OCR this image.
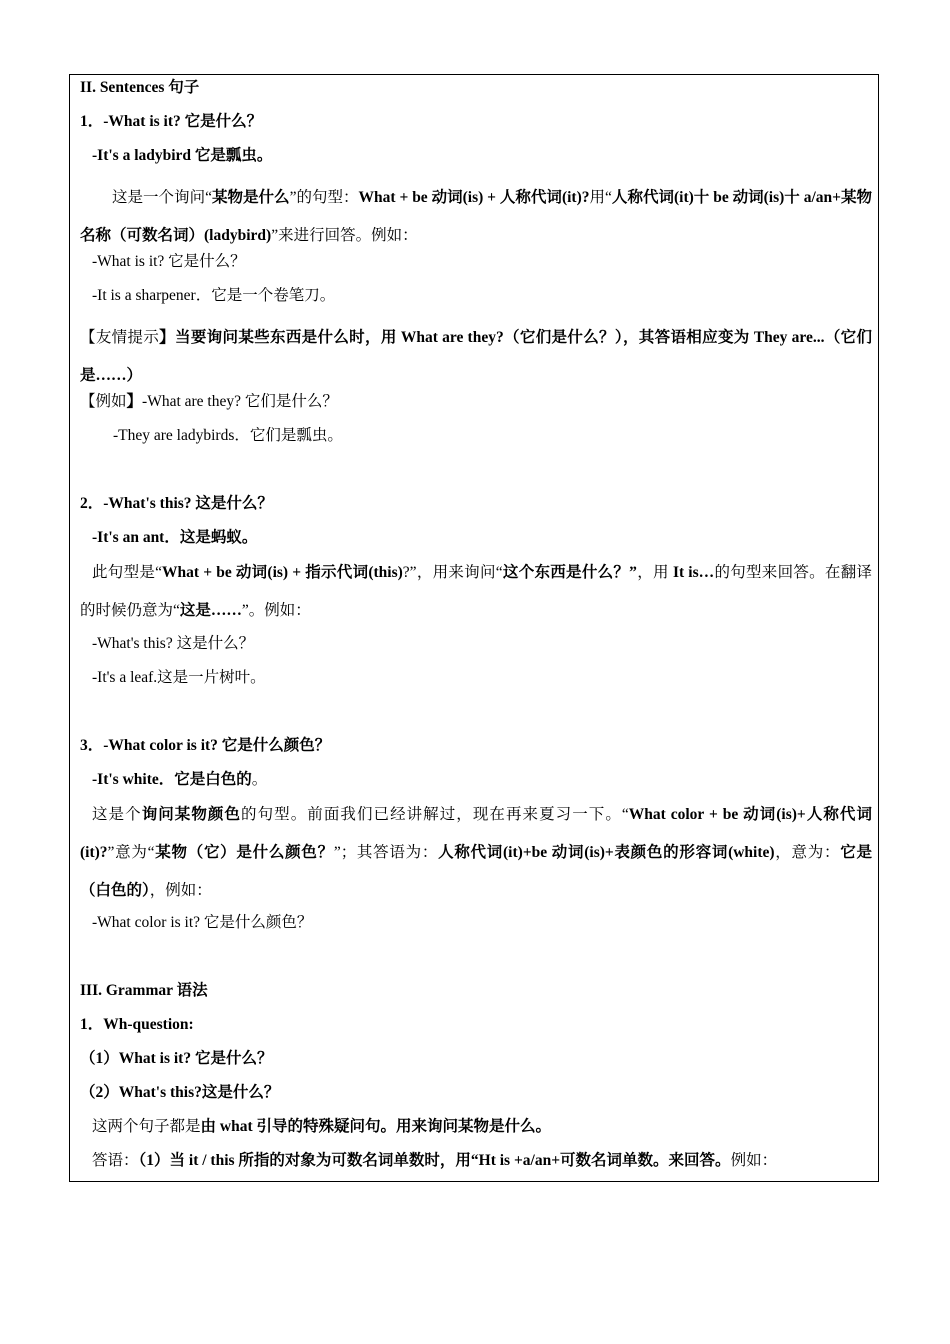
II. Sentences 句子
1．-What is it? 它是什么？
-It's a ladybird 它是瓢虫。
这是一个询问“某物是什么”的句型：What + be 动词(is) + 人称代词(it)?用“人称代词(it)十 be 动词(is)十 a/an+某物名称（可数名词）(ladybird)”来进行回答。例如：
-What is it? 它是什么？
-It is a sharpener．它是一个卷笔刀。
【友情提示】当要询问某些东西是什么时，用 What are they?（它们是什么？），其答语相应变为 They are...（它们是……）
【例如】-What are they? 它们是什么？
-They are ladybirds．它们是瓢虫。
2．-What's this? 这是什么？
-It's an ant．这是蚂蚁。
此句型是“What + be 动词(is) + 指示代词(this)?”，用来询问“这个东西是什么？”，用 It is…的句型来回答。在翻译的时候仍意为“这是……”。例如：
-What's this? 这是什么？
-It's a leaf.这是一片树叶。
3．-What color is it? 它是什么颜色？
-It's white．它是白色的。
这是个询问某物颜色的句型。前面我们已经讲解过，现在再来夏习一下。“What color + be 动词(is)+人称代词(it)?”意为“某物（它）是什么颜色？”；其答语为：人称代词(it)+be 动词(is)+表颜色的形容词(white)，意为：它是（白色的），例如：
-What color is it? 它是什么颜色？
III. Grammar 语法
1．Wh-question:
（1）What is it? 它是什么？
（2）What's this?这是什么？
这两个句子都是由 what 引导的特殊疑问句。用来询问某物是什么。
答语：（1）当 it / this 所指的对象为可数名词单数时，用“Ht is +a/an+可数名词单数。来回答。例如：
